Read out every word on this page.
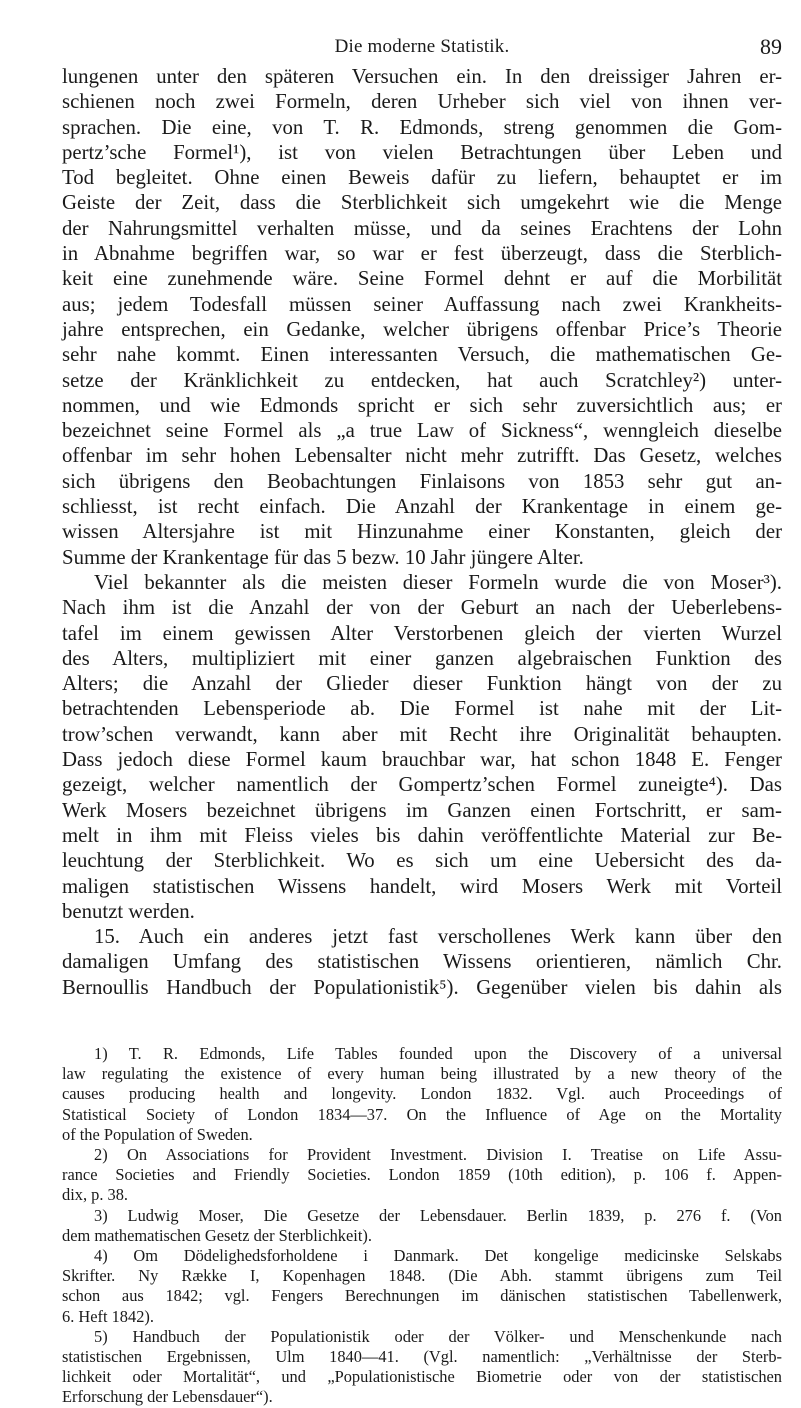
Die moderne Statistik.	89
lungenen unter den späteren Versuchen ein. In den dreissiger Jahren er-
schienen noch zwei Formeln, deren Urheber sich viel von ihnen ver-
sprachen. Die eine, von T. R. Edmonds, streng genommen die Gom-
pertz’sche Formel¹), ist von vielen Betrachtungen über Leben und
Tod begleitet. Ohne einen Beweis dafür zu liefern, behauptet er im
Geiste der Zeit, dass die Sterblichkeit sich umgekehrt wie die Menge
der Nahrungsmittel verhalten müsse, und da seines Erachtens der Lohn
in Abnahme begriffen war, so war er fest überzeugt, dass die Sterblich-
keit eine zunehmende wäre. Seine Formel dehnt er auf die Morbilität
aus; jedem Todesfall müssen seiner Auffassung nach zwei Krankheits-
jahre entsprechen, ein Gedanke, welcher übrigens offenbar Price’s Theorie
sehr nahe kommt. Einen interessanten Versuch, die mathematischen Ge-
setze der Kränklichkeit zu entdecken, hat auch Scratchley²) unter-
nommen, und wie Edmonds spricht er sich sehr zuversichtlich aus; er
bezeichnet seine Formel als „a true Law of Sickness“, wenngleich dieselbe
offenbar im sehr hohen Lebensalter nicht mehr zutrifft. Das Gesetz, welches
sich übrigens den Beobachtungen Finlaisons von 1853 sehr gut an-
schliesst, ist recht einfach. Die Anzahl der Krankentage in einem ge-
wissen Altersjahre ist mit Hinzunahme einer Konstanten, gleich der
Summe der Krankentage für das 5 bezw. 10 Jahr jüngere Alter.
Viel bekannter als die meisten dieser Formeln wurde die von Moser³).
Nach ihm ist die Anzahl der von der Geburt an nach der Ueberlebens-
tafel im einem gewissen Alter Verstorbenen gleich der vierten Wurzel
des Alters, multipliziert mit einer ganzen algebraischen Funktion des
Alters; die Anzahl der Glieder dieser Funktion hängt von der zu
betrachtenden Lebensperiode ab. Die Formel ist nahe mit der Lit-
trow’schen verwandt, kann aber mit Recht ihre Originalität behaupten.
Dass jedoch diese Formel kaum brauchbar war, hat schon 1848 E. Fenger
gezeigt, welcher namentlich der Gompertz’schen Formel zuneigte⁴). Das
Werk Mosers bezeichnet übrigens im Ganzen einen Fortschritt, er sam-
melt in ihm mit Fleiss vieles bis dahin veröffentlichte Material zur Be-
leuchtung der Sterblichkeit. Wo es sich um eine Uebersicht des da-
maligen statistischen Wissens handelt, wird Mosers Werk mit Vorteil
benutzt werden.
15. Auch ein anderes jetzt fast verschollenes Werk kann über den
damaligen Umfang des statistischen Wissens orientieren, nämlich Chr.
Bernoullis Handbuch der Populationistik⁵). Gegenüber vielen bis dahin als
1) T. R. Edmonds, Life Tables founded upon the Discovery of a universal
law regulating the existence of every human being illustrated by a new theory of the
causes producing health and longevity. London 1832. Vgl. auch Proceedings of
Statistical Society of London 1834—37. On the Influence of Age on the Mortality
of the Population of Sweden.
2) On Associations for Provident Investment. Division I. Treatise on Life Assu-
rance Societies and Friendly Societies. London 1859 (10th edition), p. 106 f. Appen-
dix, p. 38.
3) Ludwig Moser, Die Gesetze der Lebensdauer. Berlin 1839, p. 276 f. (Von
dem mathematischen Gesetz der Sterblichkeit).
4) Om Dödelighedsforholdene i Danmark. Det kongelige medicinske Selskabs
Skrifter. Ny Række I, Kopenhagen 1848. (Die Abh. stammt übrigens zum Teil
schon aus 1842; vgl. Fengers Berechnungen im dänischen statistischen Tabellenwerk,
6. Heft 1842).
5) Handbuch der Populationistik oder der Völker- und Menschenkunde nach
statistischen Ergebnissen, Ulm 1840—41. (Vgl. namentlich: „Verhältnisse der Sterb-
lichkeit oder Mortalität“, und „Populationistische Biometrie oder von der statistischen
Erforschung der Lebensdauer“).
